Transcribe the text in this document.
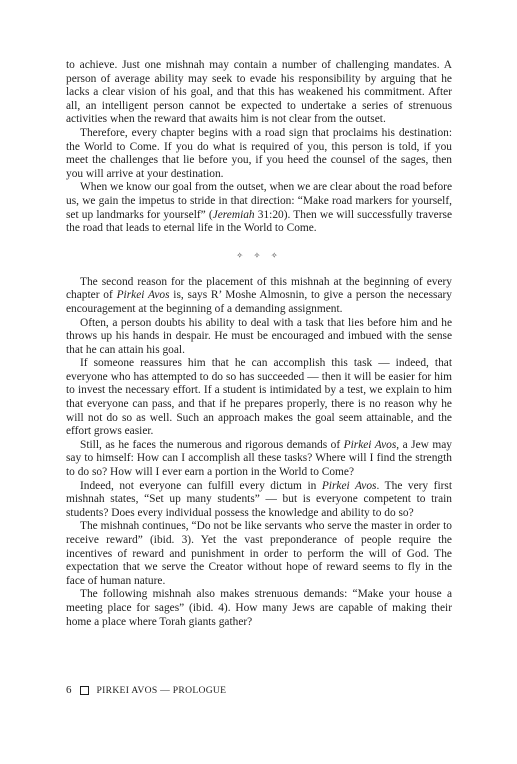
to achieve. Just one mishnah may contain a number of challenging mandates. A person of average ability may seek to evade his responsibility by arguing that he lacks a clear vision of his goal, and that this has weakened his commitment. After all, an intelligent person cannot be expected to undertake a series of strenuous activities when the reward that awaits him is not clear from the outset.

Therefore, every chapter begins with a road sign that proclaims his destination: the World to Come. If you do what is required of you, this person is told, if you meet the challenges that lie before you, if you heed the counsel of the sages, then you will arrive at your destination.

When we know our goal from the outset, when we are clear about the road before us, we gain the impetus to stride in that direction: “Make road markers for yourself, set up landmarks for yourself” (Jeremiah 31:20). Then we will successfully traverse the road that leads to eternal life in the World to Come.

✧ ✧ ✧

The second reason for the placement of this mishnah at the beginning of every chapter of Pirkei Avos is, says R’ Moshe Almosnin, to give a person the necessary encouragement at the beginning of a demanding assignment.

Often, a person doubts his ability to deal with a task that lies before him and he throws up his hands in despair. He must be encouraged and imbued with the sense that he can attain his goal.

If someone reassures him that he can accomplish this task — indeed, that everyone who has attempted to do so has succeeded — then it will be easier for him to invest the necessary effort. If a student is intimidated by a test, we explain to him that everyone can pass, and that if he prepares properly, there is no reason why he will not do so as well. Such an approach makes the goal seem attainable, and the effort grows easier.

Still, as he faces the numerous and rigorous demands of Pirkei Avos, a Jew may say to himself: How can I accomplish all these tasks? Where will I find the strength to do so? How will I ever earn a portion in the World to Come?

Indeed, not everyone can fulfill every dictum in Pirkei Avos. The very first mishnah states, “Set up many students” — but is everyone competent to train students? Does every individual possess the knowledge and ability to do so?

The mishnah continues, “Do not be like servants who serve the master in order to receive reward” (ibid. 3). Yet the vast preponderance of people require the incentives of reward and punishment in order to perform the will of God. The expectation that we serve the Creator without hope of reward seems to fly in the face of human nature.

The following mishnah also makes strenuous demands: “Make your house a meeting place for sages” (ibid. 4). How many Jews are capable of making their home a place where Torah giants gather?

6	PIRKEI AVOS — PROLOGUE
